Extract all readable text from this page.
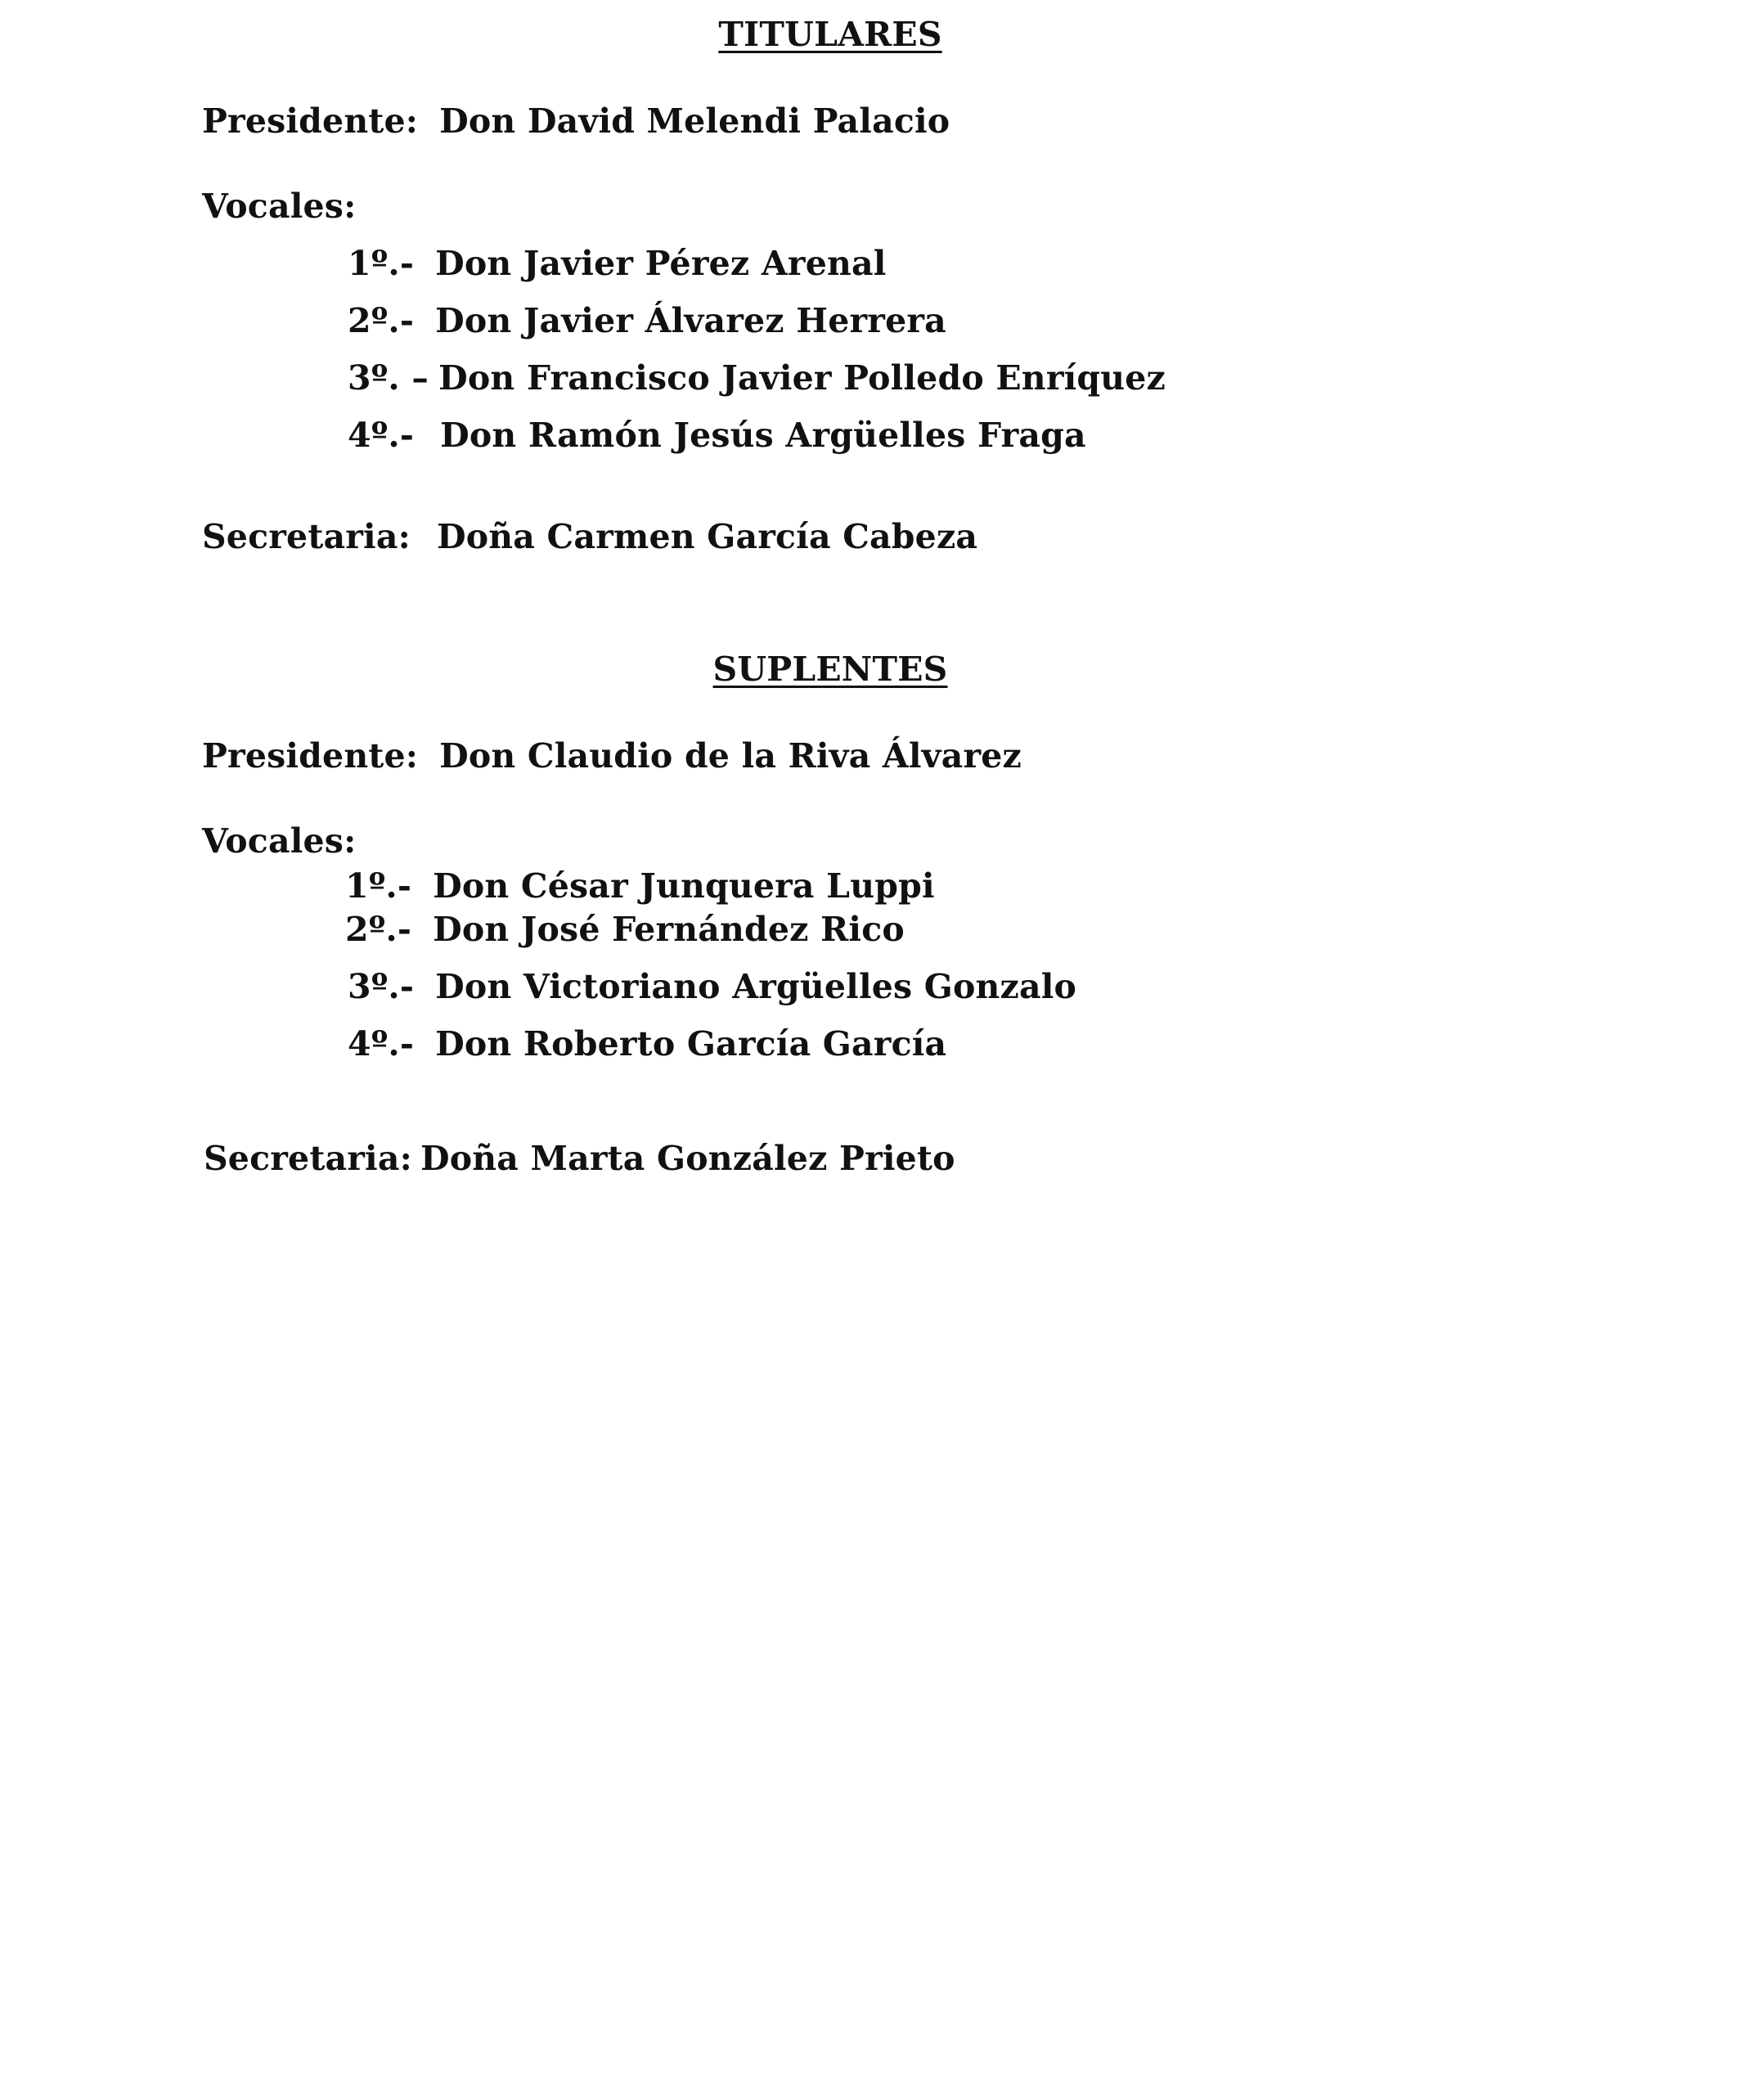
TITULARES
Presidente: Don David Melendi Palacio
Vocales:
1º.- Don Javier Pérez Arenal
2º.- Don Javier Álvarez Herrera
3º. – Don Francisco Javier Polledo Enríquez
4º.- Don Ramón Jesús Argüelles Fraga
Secretaria: Doña Carmen García Cabeza
SUPLENTES
Presidente: Don Claudio de la Riva Álvarez
Vocales:
1º.- Don César Junquera Luppi
2º.- Don José Fernández Rico
3º.- Don Victoriano Argüelles Gonzalo
4º.- Don Roberto García García
Secretaria: Doña Marta González Prieto
